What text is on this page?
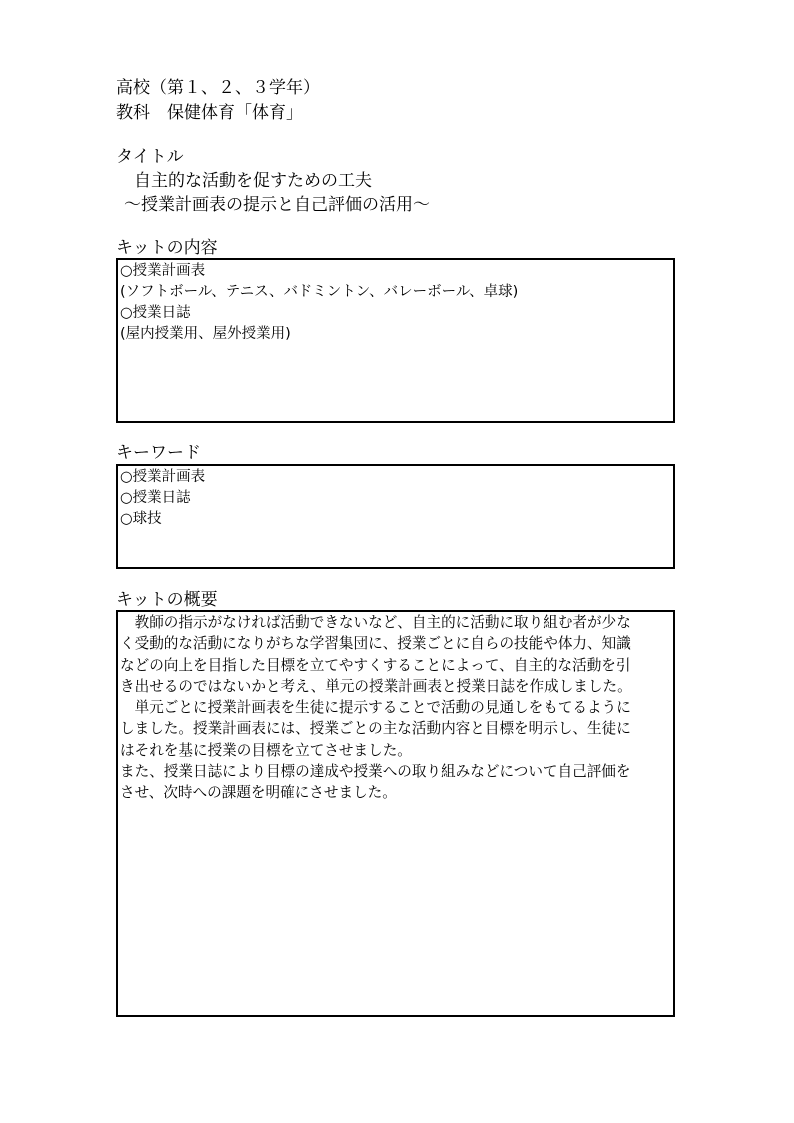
高校（第１、２、３学年）
教科　保健体育「体育」
タイトル
自主的な活動を促すための工夫
～授業計画表の提示と自己評価の活用～
キットの内容
○授業計画表
(ソフトボール、テニス、バドミントン、バレーボール、卓球)
○授業日誌
(屋内授業用、屋外授業用)
キーワード
○授業計画表
○授業日誌
○球技
キットの概要
　教師の指示がなければ活動できないなど、自主的に活動に取り組む者が少な
く受動的な活動になりがちな学習集団に、授業ごとに自らの技能や体力、知識
などの向上を目指した目標を立てやすくすることによって、自主的な活動を引
き出せるのではないかと考え、単元の授業計画表と授業日誌を作成しました。
　単元ごとに授業計画表を生徒に提示することで活動の見通しをもてるように
しました。授業計画表には、授業ごとの主な活動内容と目標を明示し、生徒に
はそれを基に授業の目標を立てさせました。
また、授業日誌により目標の達成や授業への取り組みなどについて自己評価を
させ、次時への課題を明確にさせました。
